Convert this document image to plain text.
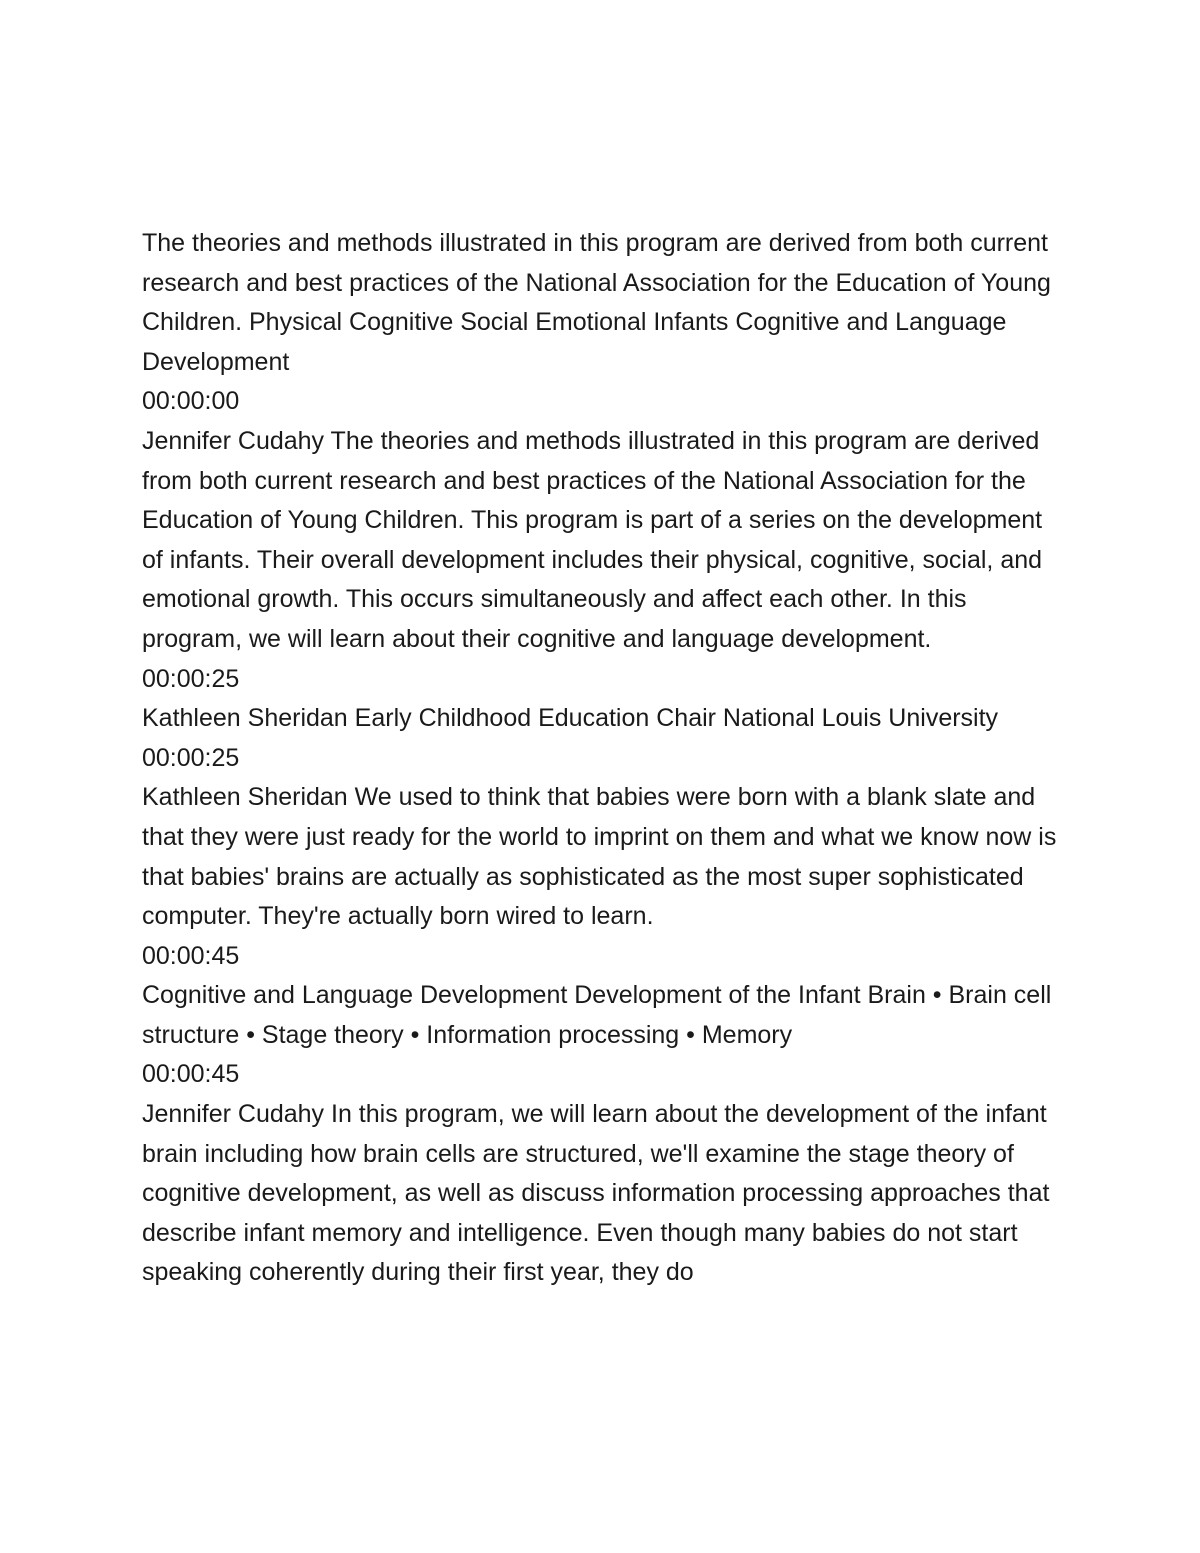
The theories and methods illustrated in this program are derived from both current research and best practices of the National Association for the Education of Young Children. Physical Cognitive Social Emotional Infants Cognitive and Language Development

00:00:00

Jennifer Cudahy The theories and methods illustrated in this program are derived from both current research and best practices of the National Association for the Education of Young Children. This program is part of a series on the development of infants. Their overall development includes their physical, cognitive, social, and emotional growth. This occurs simultaneously and affect each other. In this program, we will learn about their cognitive and language development.

00:00:25

Kathleen Sheridan Early Childhood Education Chair National Louis University

00:00:25

Kathleen Sheridan We used to think that babies were born with a blank slate and that they were just ready for the world to imprint on them and what we know now is that babies' brains are actually as sophisticated as the most super sophisticated computer. They're actually born wired to learn.

00:00:45

Cognitive and Language Development Development of the Infant Brain • Brain cell structure • Stage theory • Information processing • Memory

00:00:45

Jennifer Cudahy In this program, we will learn about the development of the infant brain including how brain cells are structured, we'll examine the stage theory of cognitive development, as well as discuss information processing approaches that describe infant memory and intelligence. Even though many babies do not start speaking coherently during their first year, they do
